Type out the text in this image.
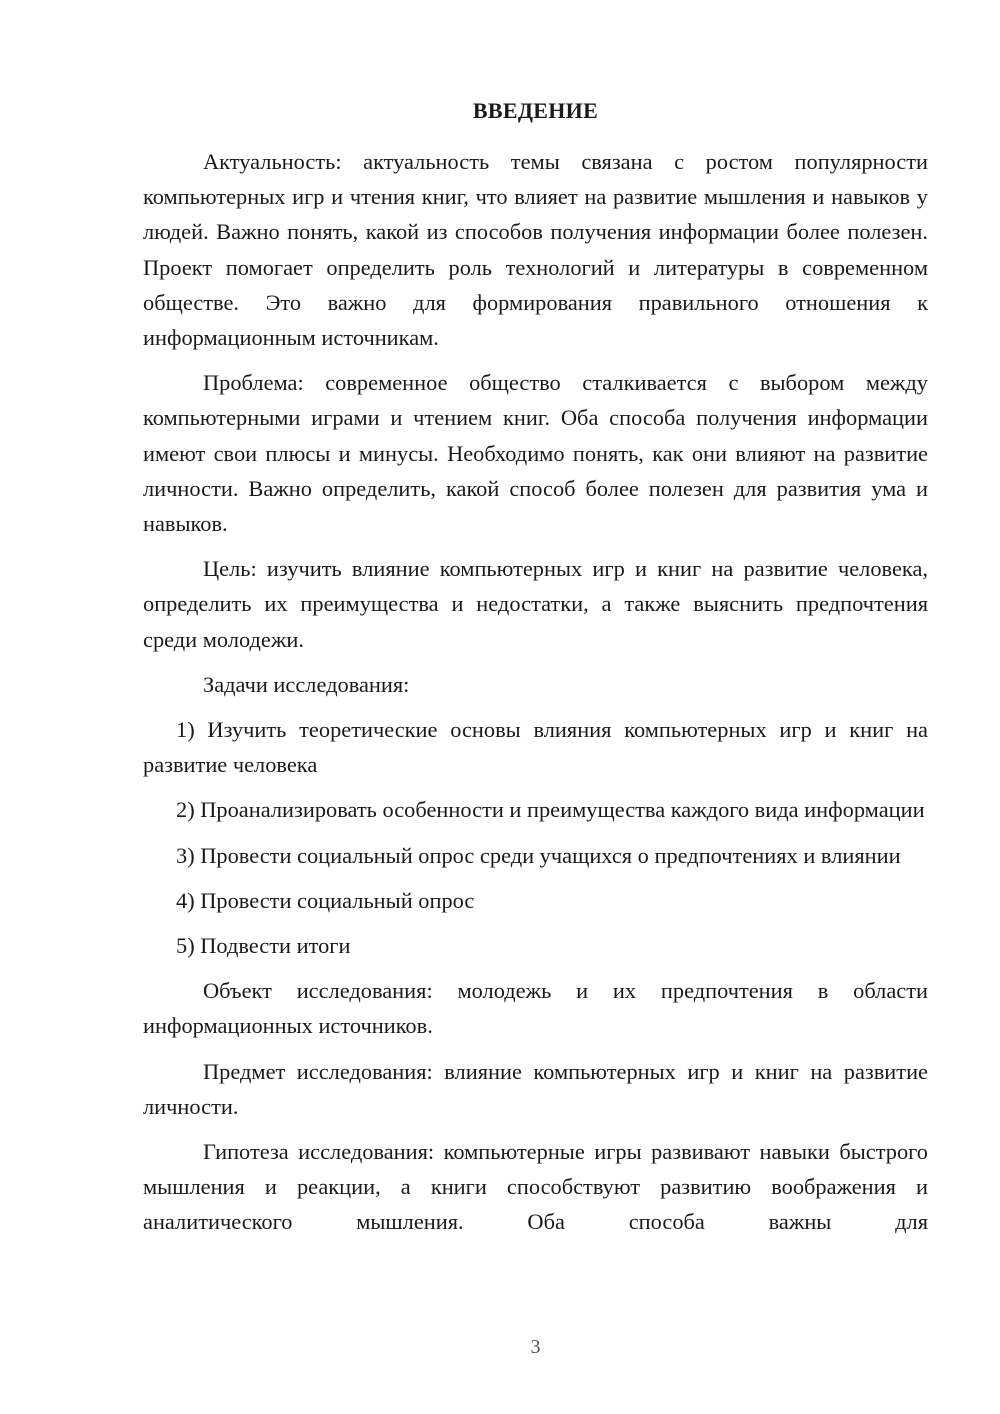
ВВЕДЕНИЕ

Актуальность: актуальность темы связана с ростом популярности компьютерных игр и чтения книг, что влияет на развитие мышления и навыков у людей. Важно понять, какой из способов получения информации более полезен. Проект помогает определить роль технологий и литературы в современном обществе. Это важно для формирования правильного отношения к информационным источникам.

Проблема: современное общество сталкивается с выбором между компьютерными играми и чтением книг. Оба способа получения информации имеют свои плюсы и минусы. Необходимо понять, как они влияют на развитие личности. Важно определить, какой способ более полезен для развития ума и навыков.

Цель: изучить влияние компьютерных игр и книг на развитие человека, определить их преимущества и недостатки, а также выяснить предпочтения среди молодежи.

Задачи исследования:

1) Изучить теоретические основы влияния компьютерных игр и книг на развитие человека

2) Проанализировать особенности и преимущества каждого вида информации

3) Провести социальный опрос среди учащихся о предпочтениях и влиянии

4) Провести социальный опрос

5) Подвести итоги

Объект исследования: молодежь и их предпочтения в области информационных источников.

Предмет исследования: влияние компьютерных игр и книг на развитие личности.

Гипотеза исследования: компьютерные игры развивают навыки быстрого мышления и реакции, а книги способствуют развитию воображения и аналитического мышления. Оба способа важны для

3
